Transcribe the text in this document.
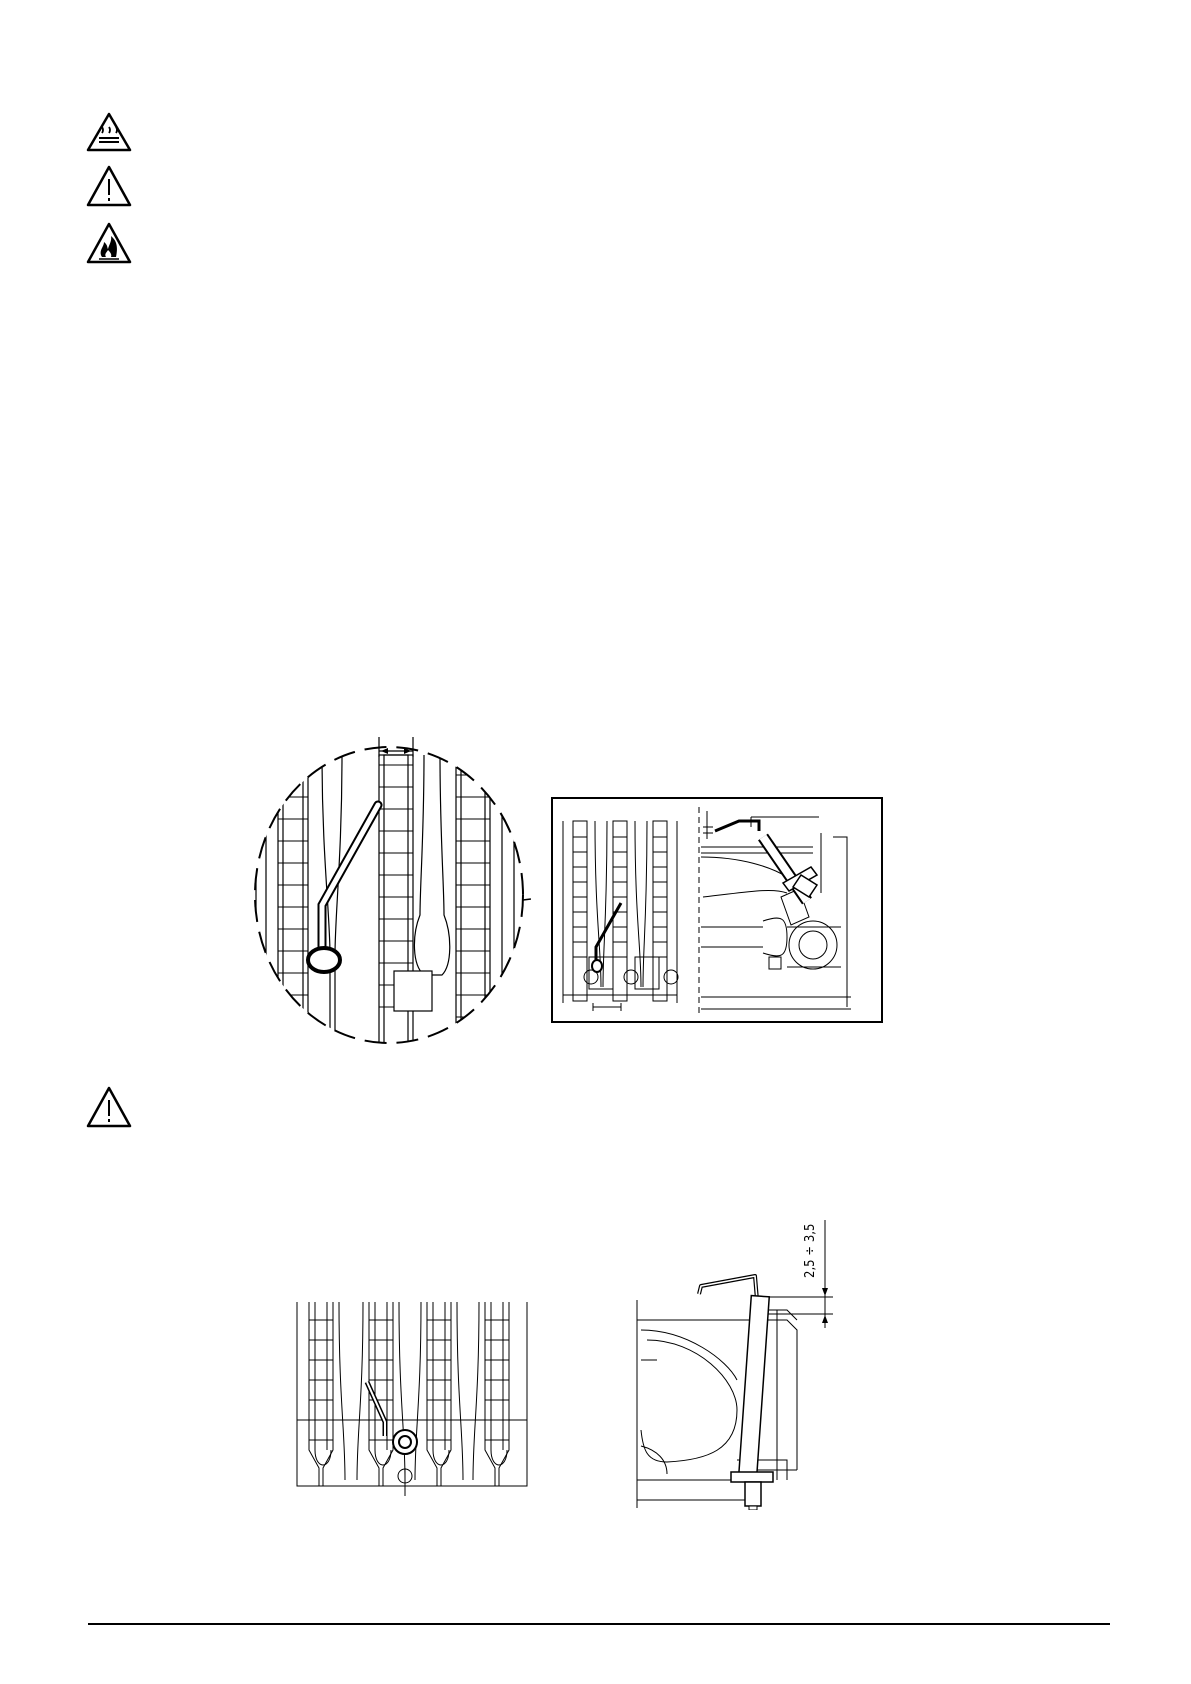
2,5 ÷ 3,5
